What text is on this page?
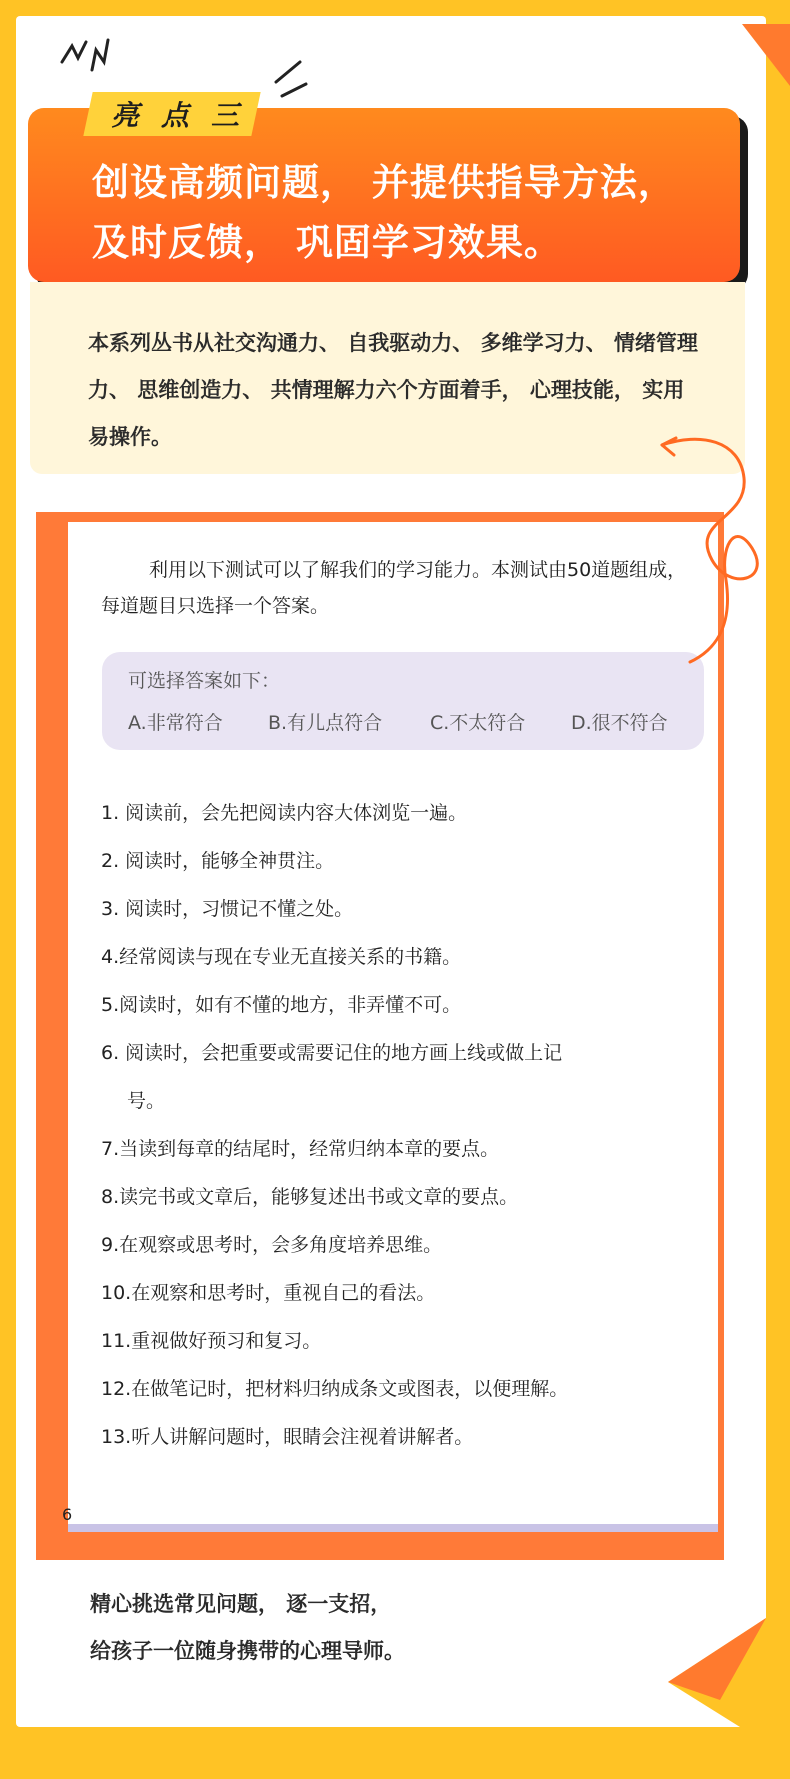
创设高频问题， 并提供指导方法，
及时反馈， 巩固学习效果。
亮 点 三
本系列丛书从社交沟通力、 自我驱动力、 多维学习力、 情绪管理力、 思维创造力、 共情理解力六个方面着手， 心理技能， 实用易操作。
6
利用以下测试可以了解我们的学习能力。本测试由50道题组成，每道题目只选择一个答案。
可选择答案如下：
A.非常符合 B.有儿点符合	C.不太符合 D.很不符合
1. 阅读前，会先把阅读内容大体浏览一遍。
2. 阅读时，能够全神贯注。
3. 阅读时，习惯记不懂之处。
4.经常阅读与现在专业无直接关系的书籍。
5.阅读时，如有不懂的地方，非弄懂不可。
6. 阅读时，会把重要或需要记住的地方画上线或做上记
号。
7.当读到每章的结尾时，经常归纳本章的要点。
8.读完书或文章后，能够复述出书或文章的要点。
9.在观察或思考时，会多角度培养思维。
10.在观察和思考时，重视自己的看法。
11.重视做好预习和复习。
12.在做笔记时，把材料归纳成条文或图表，以便理解。
13.听人讲解问题时，眼睛会注视着讲解者。
精心挑选常见问题， 逐一支招，
给孩子一位随身携带的心理导师。
